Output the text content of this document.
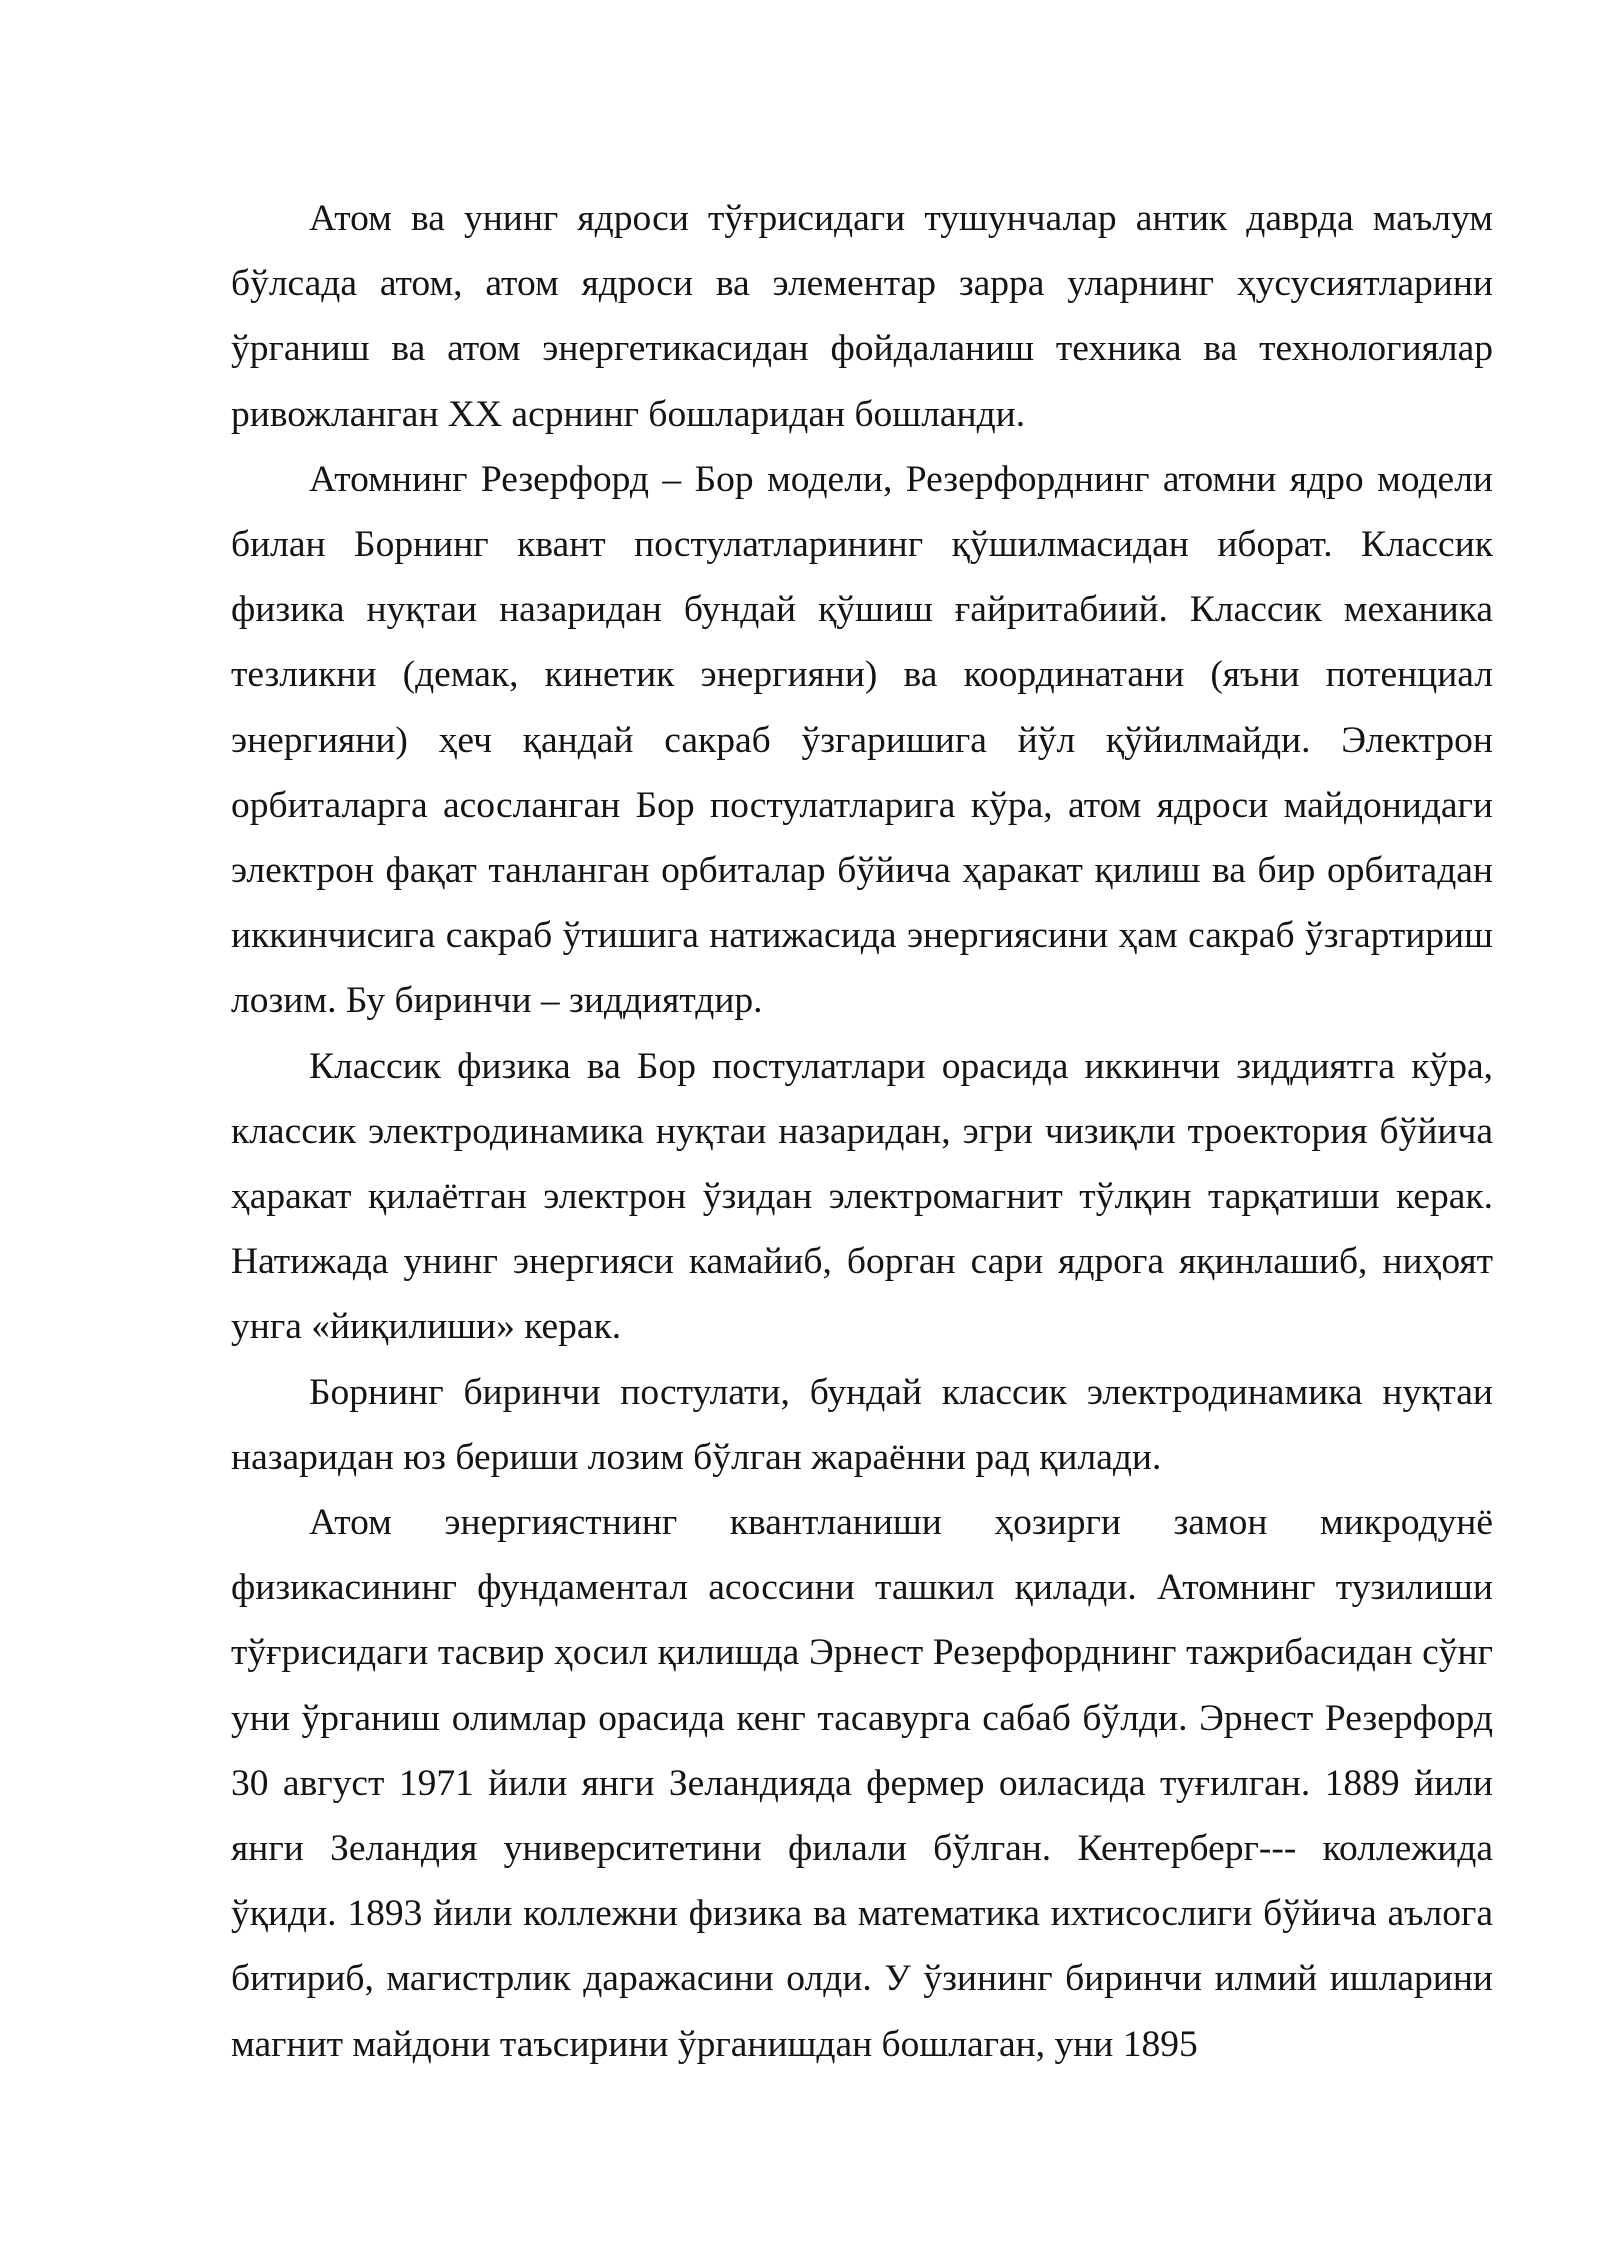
Атом ва унинг ядроси тўғрисидаги тушунчалар антик даврда маълум бўлсада атом, атом ядроси ва элементар зарра уларнинг ҳусусиятларини ўрганиш ва атом энергетикасидан фойдаланиш техника ва технологиялар ривожланган XX асрнинг бошларидан бошланди.

Атомнинг Резерфорд – Бор модели, Резерфорднинг атомни ядро модели билан Борнинг квант постулатларининг қўшилмасидан иборат. Классик физика нуқтаи назаридан бундай қўшиш ғайритабиий. Классик механика тезликни (демак, кинетик энергияни) ва координатани (яъни потенциал энергияни) ҳеч қандай сакраб ўзгаришига йўл қўйилмайди. Электрон орбиталарга асосланган Бор постулатларига кўра, атом ядроси майдонидаги электрон фақат танланган орбиталар бўйича ҳаракат қилиш ва бир орбитадан иккинчисига сакраб ўтишига натижасида энергиясини ҳам сакраб ўзгартириш лозим. Бу биринчи – зиддиятдир.

Классик физика ва Бор постулатлари орасида иккинчи зиддиятга кўра, классик электродинамика нуқтаи назаридан, эгри чизиқли троектория бўйича ҳаракат қилаётган электрон ўзидан электромагнит тўлқин тарқатиши керак. Натижада унинг энергияси камайиб, борган сари ядрога яқинлашиб, ниҳоят унга «йиқилиши» керак.

Борнинг биринчи постулати, бундай классик электродинамика нуқтаи назаридан юз бериши лозим бўлган жараённи рад қилади.

Атом энергиястнинг квантланиши ҳозирги замон микродунё физикасининг фундаментал асоссини ташкил қилади. Атомнинг тузилиши тўғрисидаги тасвир ҳосил қилишда Эрнест Резерфорднинг тажрибасидан сўнг уни ўрганиш олимлар орасида кенг тасавурга сабаб бўлди. Эрнест Резерфорд 30 август 1971 йили янги Зеландияда фермер оиласида туғилган. 1889 йили янги Зеландия университетини филали бўлган. Кентерберг--- коллежида ўқиди. 1893 йили коллежни физика ва математика ихтисослиги бўйича аълога битириб, магистрлик даражасини олди. У ўзининг биринчи илмий ишларини магнит майдони таъсирини ўрганишдан бошлаган, уни 1895
